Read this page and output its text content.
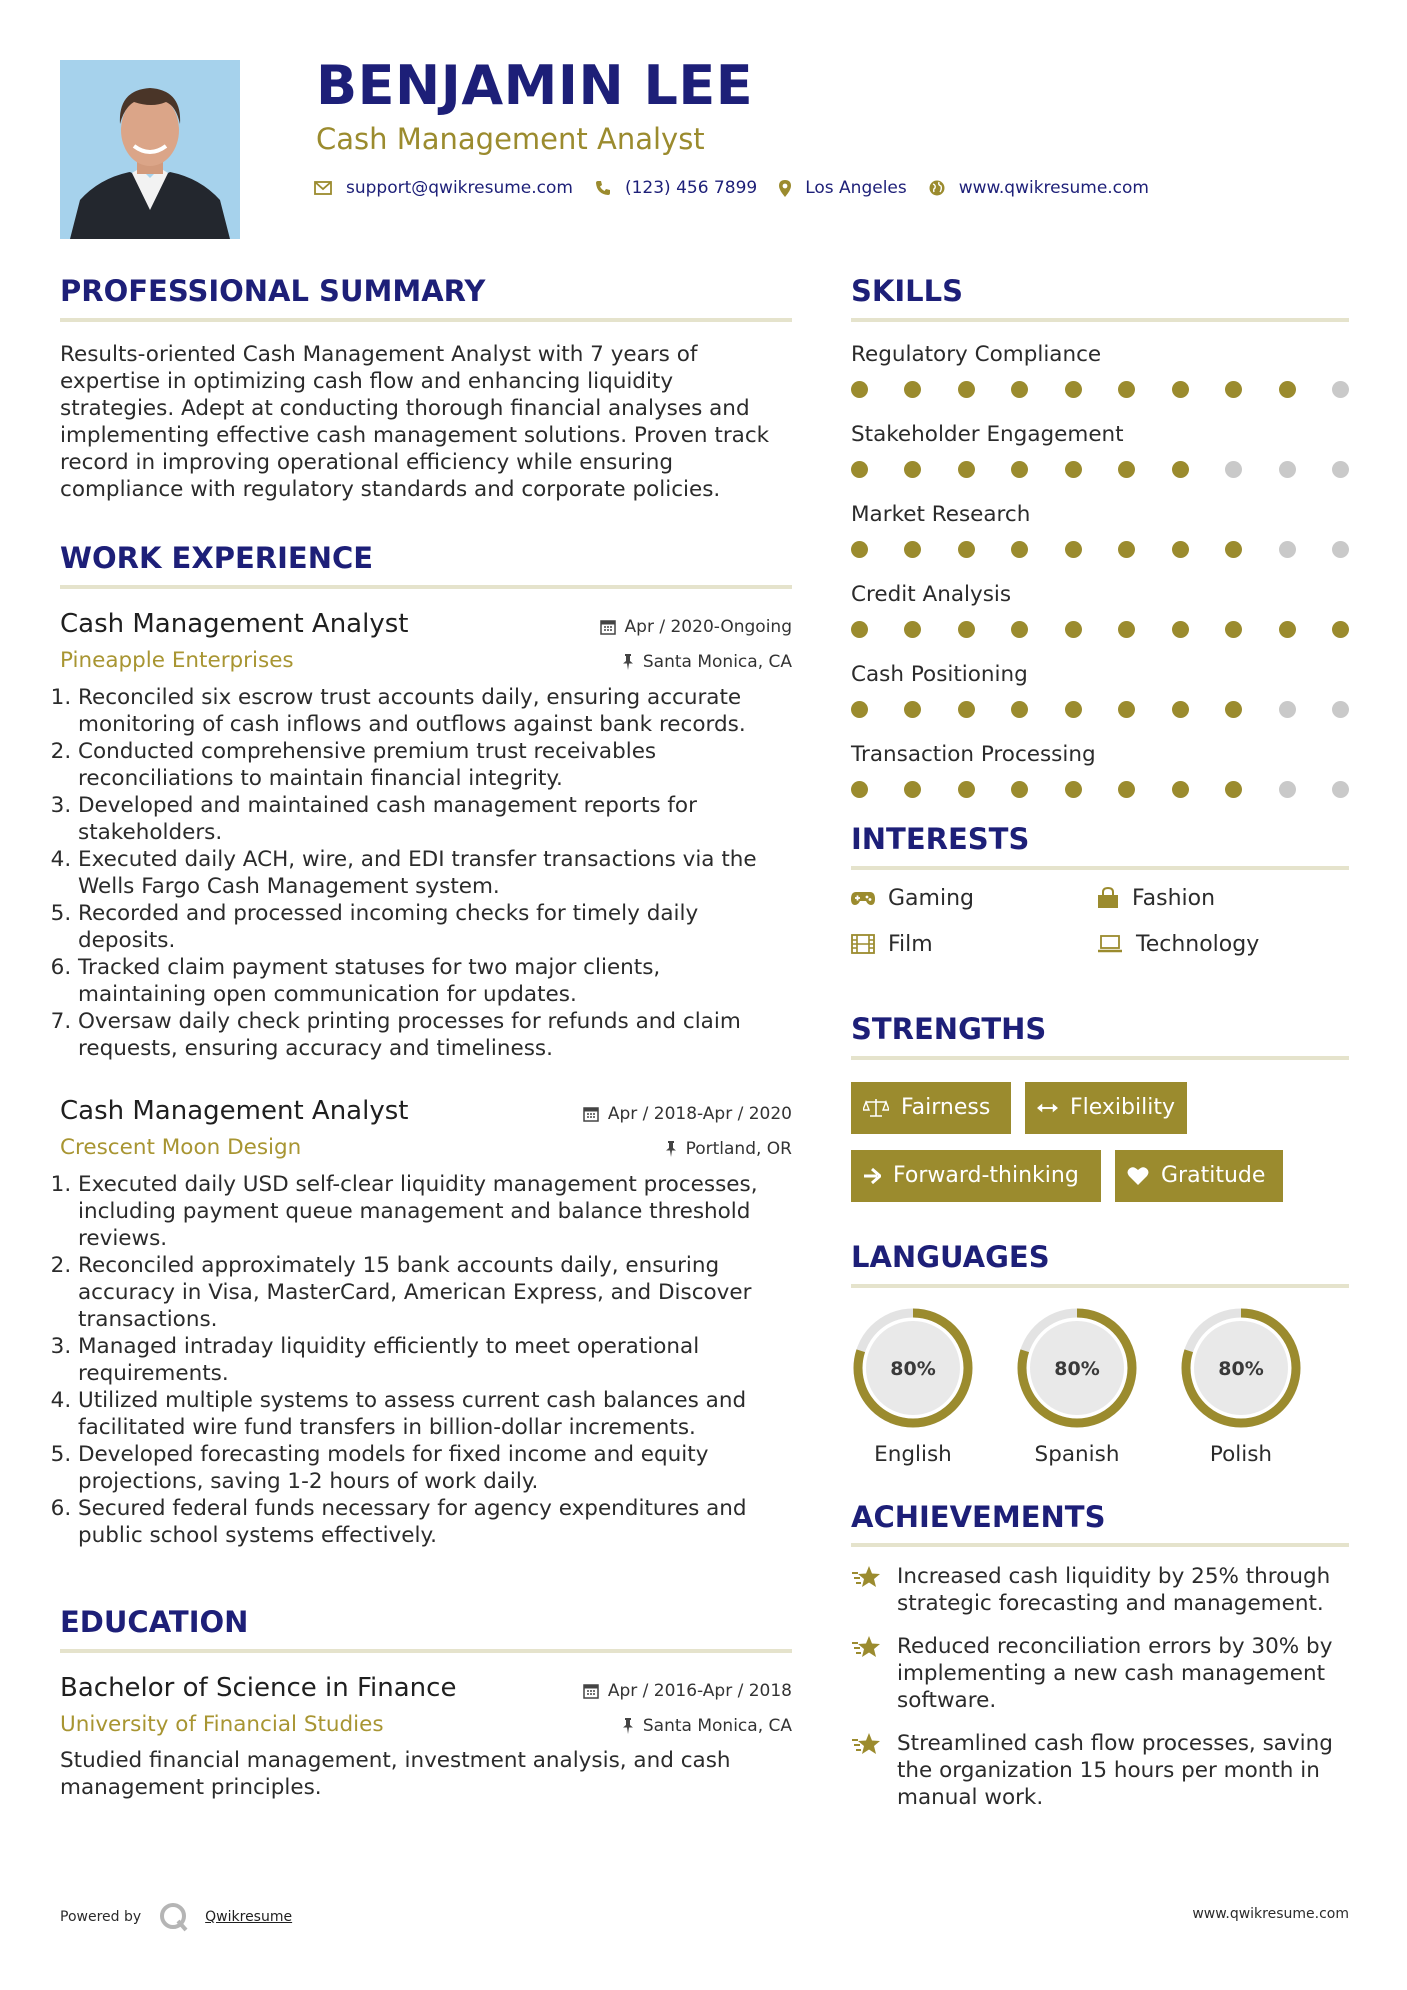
BENJAMIN LEE
Cash Management Analyst
support@qwikresume.com	(123) 456 7899	Los Angeles	www.qwikresume.com
PROFESSIONAL SUMMARY
Results-oriented Cash Management Analyst with 7 years of expertise in optimizing cash flow and enhancing liquidity strategies. Adept at conducting thorough financial analyses and implementing effective cash management solutions. Proven track record in improving operational efficiency while ensuring compliance with regulatory standards and corporate policies.
WORK EXPERIENCE
Cash Management Analyst
Pineapple Enterprises
Apr / 2020-Ongoing
Santa Monica, CA
1. Reconciled six escrow trust accounts daily, ensuring accurate monitoring of cash inflows and outflows against bank records.
2. Conducted comprehensive premium trust receivables reconciliations to maintain financial integrity.
3. Developed and maintained cash management reports for stakeholders.
4. Executed daily ACH, wire, and EDI transfer transactions via the Wells Fargo Cash Management system.
5. Recorded and processed incoming checks for timely daily deposits.
6. Tracked claim payment statuses for two major clients, maintaining open communication for updates.
7. Oversaw daily check printing processes for refunds and claim requests, ensuring accuracy and timeliness.
Cash Management Analyst
Crescent Moon Design
Apr / 2018-Apr / 2020
Portland, OR
1. Executed daily USD self-clear liquidity management processes, including payment queue management and balance threshold reviews.
2. Reconciled approximately 15 bank accounts daily, ensuring accuracy in Visa, MasterCard, American Express, and Discover transactions.
3. Managed intraday liquidity efficiently to meet operational requirements.
4. Utilized multiple systems to assess current cash balances and facilitated wire fund transfers in billion-dollar increments.
5. Developed forecasting models for fixed income and equity projections, saving 1-2 hours of work daily.
6. Secured federal funds necessary for agency expenditures and public school systems effectively.
EDUCATION
Bachelor of Science in Finance
University of Financial Studies
Apr / 2016-Apr / 2018
Santa Monica, CA
Studied financial management, investment analysis, and cash management principles.
SKILLS
Regulatory Compliance
Stakeholder Engagement
Market Research
Credit Analysis
Cash Positioning
Transaction Processing
INTERESTS
Gaming	Fashion
Film	Technology
STRENGTHS
Fairness	Flexibility
Forward-thinking	Gratitude
LANGUAGES
80%
English
80%
Spanish
80%
Polish
ACHIEVEMENTS
Increased cash liquidity by 25% through strategic forecasting and management.
Reduced reconciliation errors by 30% by implementing a new cash management software.
Streamlined cash flow processes, saving the organization 15 hours per month in manual work.
Powered by	Qwikresume	www.qwikresume.com
